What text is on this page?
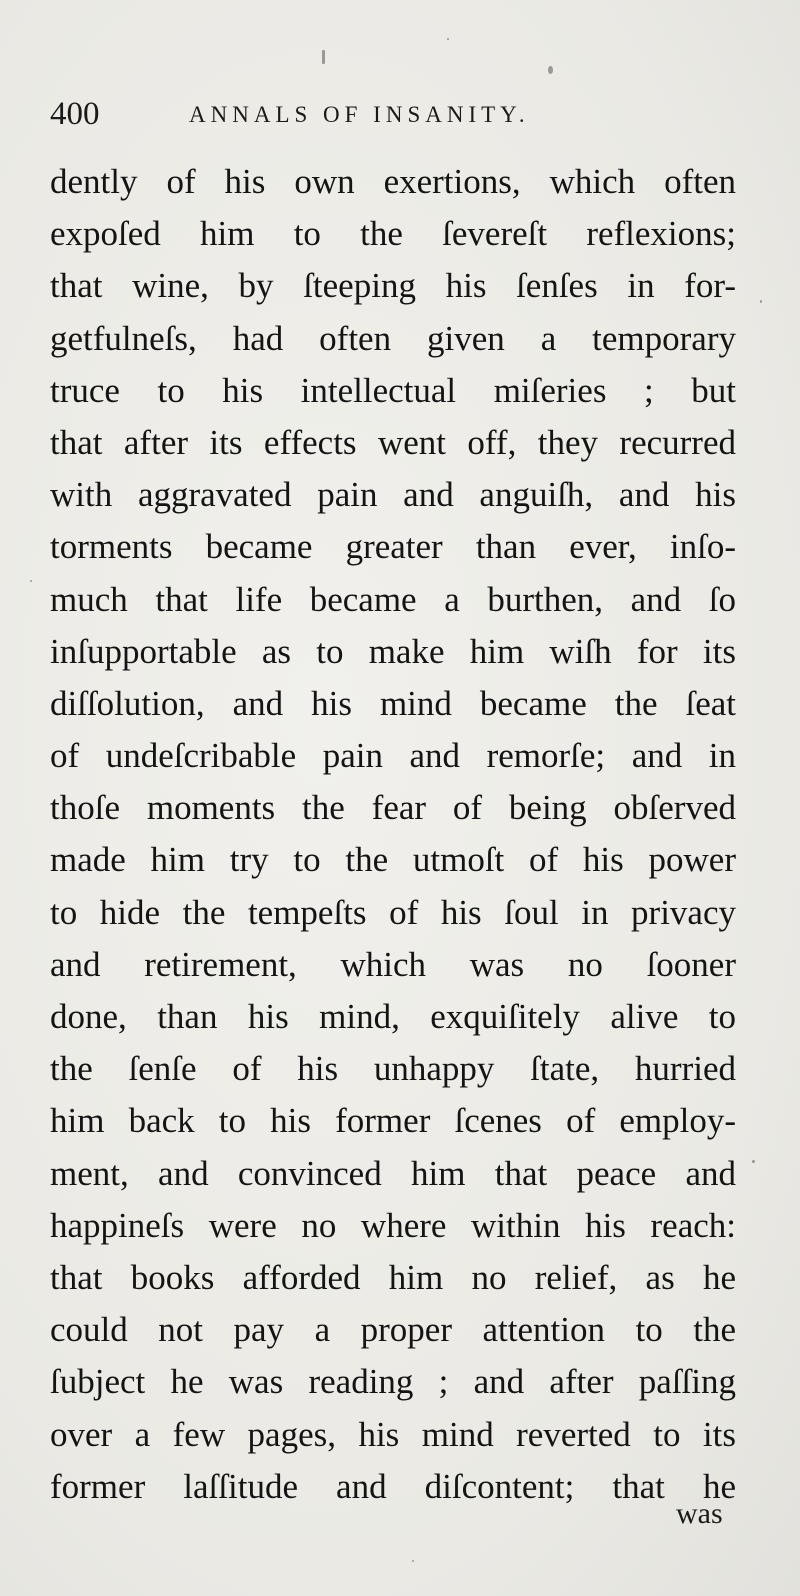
400	ANNALS OF INSANITY.
dently of his own exertions, which often
expoſed him to the ſevereſt reflexions;
that wine, by ſteeping his ſenſes in for-
getfulneſs, had often given a temporary
truce to his intellectual miſeries ; but
that after its effects went off, they recurred
with aggravated pain and anguiſh, and his
torments became greater than ever, inſo-
much that life became a burthen, and ſo
inſupportable as to make him wiſh for its
diſſolution, and his mind became the ſeat
of undeſcribable pain and remorſe; and in
thoſe moments the fear of being obſerved
made him try to the utmoſt of his power
to hide the tempeſts of his ſoul in privacy
and retirement, which was no ſooner
done, than his mind, exquiſitely alive to
the ſenſe of his unhappy ſtate, hurried
him back to his former ſcenes of employ-
ment, and convinced him that peace and
happineſs were no where within his reach:
that books afforded him no relief, as he
could not pay a proper attention to the
ſubject he was reading ; and after paſſing
over a few pages, his mind reverted to its
former laſſitude and diſcontent; that he
was
